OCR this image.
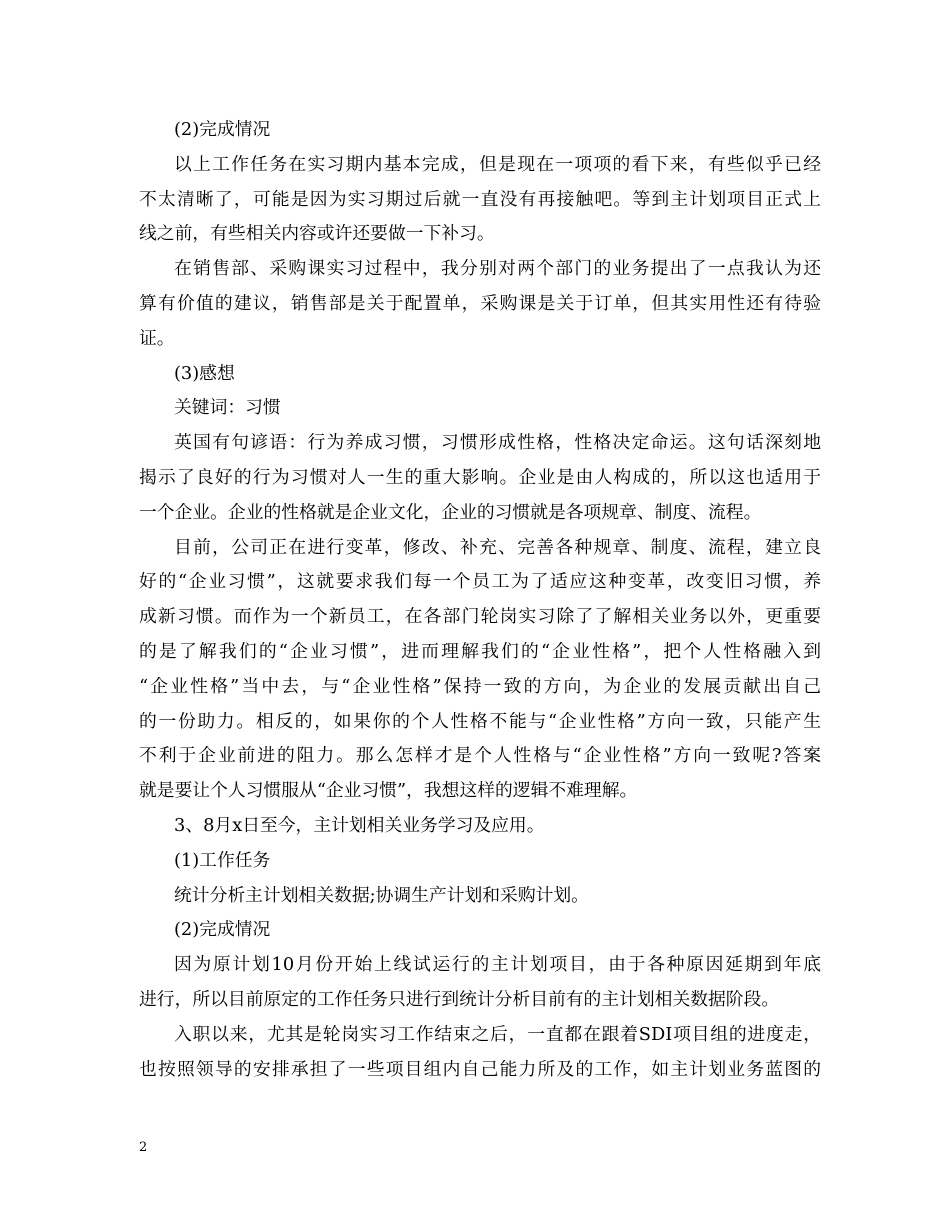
(2)完成情况
以上工作任务在实习期内基本完成，但是现在一项项的看下来，有些似乎已经
不太清晰了，可能是因为实习期过后就一直没有再接触吧。等到主计划项目正式上
线之前，有些相关内容或许还要做一下补习。
在销售部、采购课实习过程中，我分别对两个部门的业务提出了一点我认为还
算有价值的建议，销售部是关于配置单，采购课是关于订单，但其实用性还有待验
证。
(3)感想
关键词：习惯
英国有句谚语：行为养成习惯，习惯形成性格，性格决定命运。这句话深刻地
揭示了良好的行为习惯对人一生的重大影响。企业是由人构成的，所以这也适用于
一个企业。企业的性格就是企业文化，企业的习惯就是各项规章、制度、流程。
目前，公司正在进行变革，修改、补充、完善各种规章、制度、流程，建立良
好的“企业习惯”，这就要求我们每一个员工为了适应这种变革，改变旧习惯，养
成新习惯。而作为一个新员工，在各部门轮岗实习除了了解相关业务以外，更重要
的是了解我们的“企业习惯”，进而理解我们的“企业性格”，把个人性格融入到
“企业性格”当中去，与“企业性格”保持一致的方向，为企业的发展贡献出自己
的一份助力。相反的，如果你的个人性格不能与“企业性格”方向一致，只能产生
不利于企业前进的阻力。那么怎样才是个人性格与“企业性格”方向一致呢?答案
就是要让个人习惯服从“企业习惯”，我想这样的逻辑不难理解。
3、8月x日至今，主计划相关业务学习及应用。
(1)工作任务
统计分析主计划相关数据;协调生产计划和采购计划。
(2)完成情况
因为原计划10月份开始上线试运行的主计划项目，由于各种原因延期到年底
进行，所以目前原定的工作任务只进行到统计分析目前有的主计划相关数据阶段。
入职以来，尤其是轮岗实习工作结束之后，一直都在跟着SDI项目组的进度走，
也按照领导的安排承担了一些项目组内自己能力所及的工作，如主计划业务蓝图的
2
